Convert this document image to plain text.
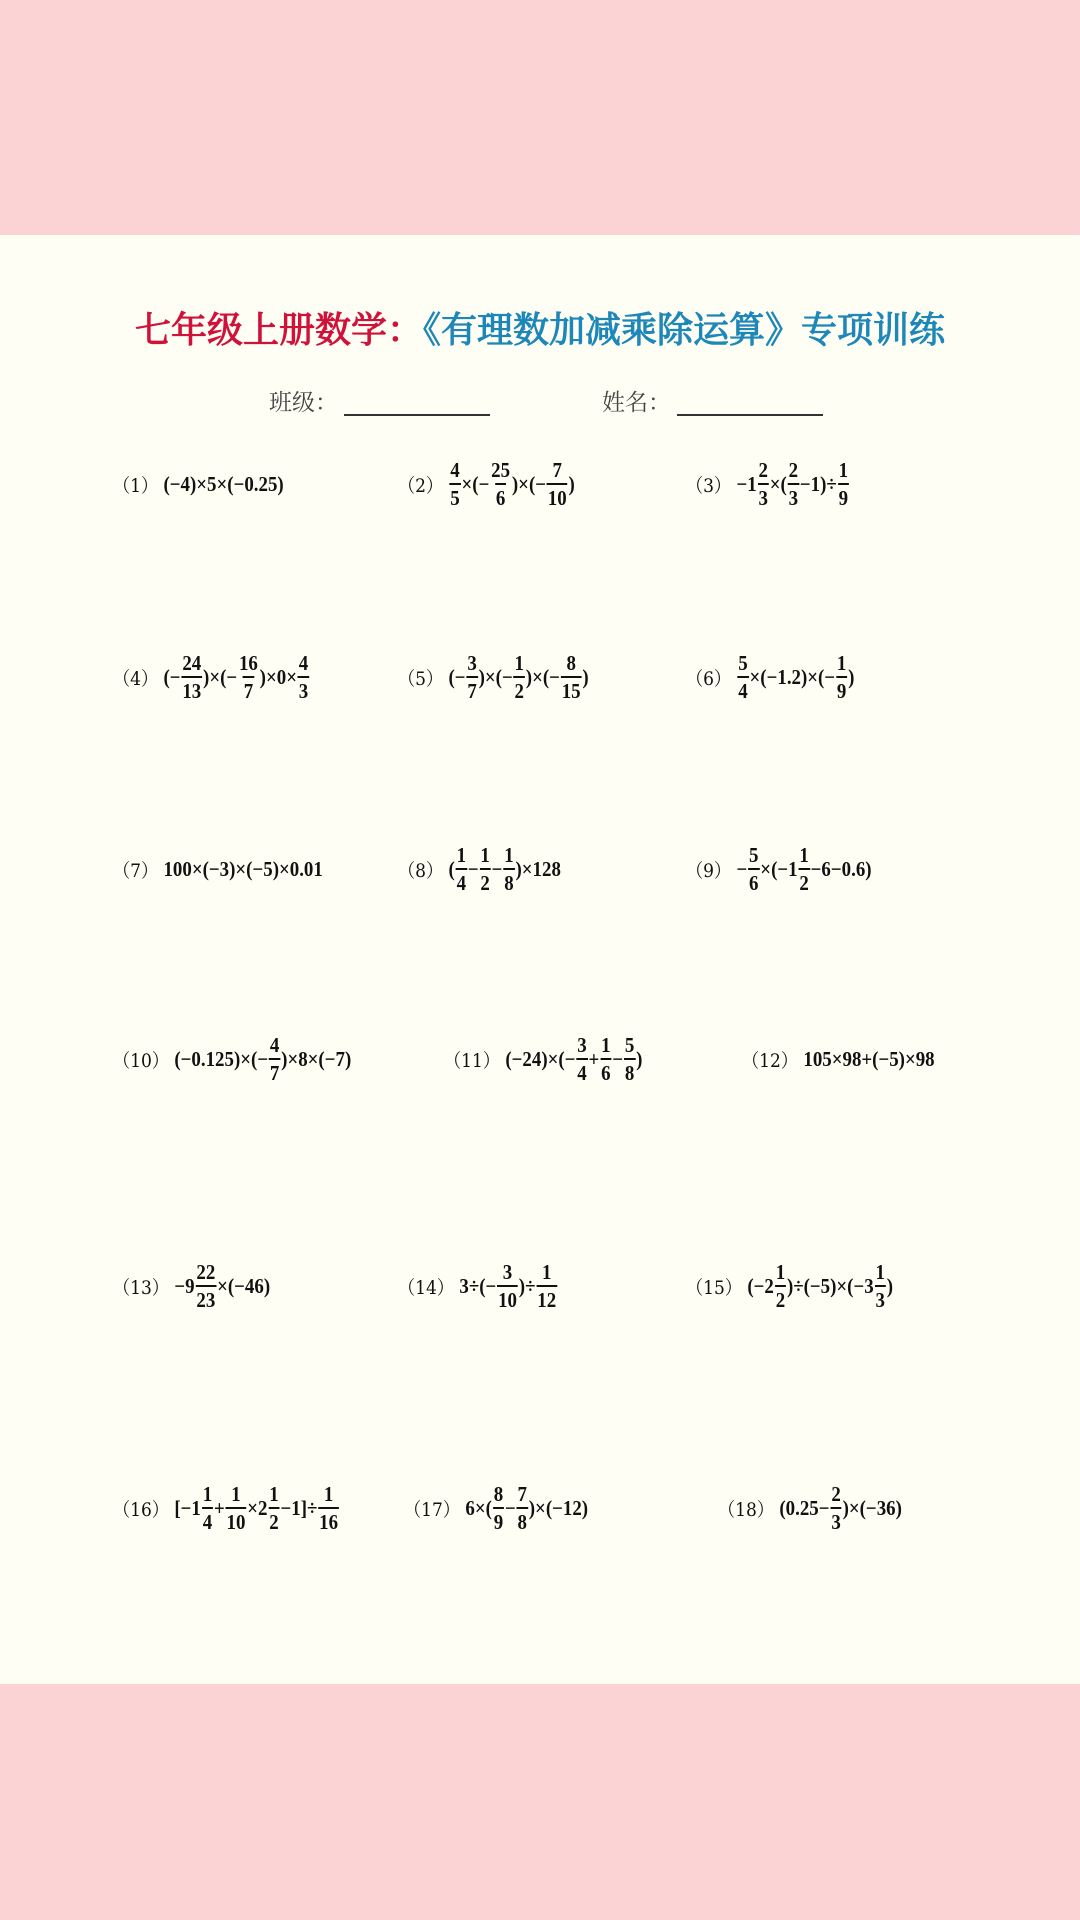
七年级上册数学：《有理数加减乘除运算》专项训练
班级：	姓名：
（1） (−4)×5×(−0.25)	$(2) \frac{4}{5}$ ×(− $\frac{25}{6}$ )×(− $\frac{7}{10}$ )	$(3) -1 \frac{2}{3}$ ×( $\frac{2}{3} -1)\div \frac{1}{9}$
（4） (− $\frac{24}{13}$ )×(− $\frac{16}{7} )\times 0\times \frac{4}{3}$	（5） (− $\frac{3}{7}$ )×(− $\frac{1}{2}$ )×(− $\frac{8}{15}$ )	$(6) \frac{5}{4} \times(-1.2)\times(- \frac{1}{9}$ )
（7） 100×(−3)×(−5)×0.01	（8） ( $\frac{1}{4} - \frac{1}{2} - \frac{1}{8} )\times 128$	$(9) - \frac{5}{6} \times(-1 \frac{1}{2} -6-0.6)$
（10） $(-0.125)\times(- \frac{4}{7} )\times 8\times(-7)$	（11） $(-24)\times(- \frac{3}{4} + \frac{1}{6} - \frac{5}{8}$ )	（12） 105×98+(−5)×98
$(13) -9 \frac{22}{23} \times(-46)$	（14） $3\div(- \frac{3}{10}$ )÷ $\frac{1}{12}$	（15） $(-2 \frac{1}{2} )\div(-5)\times(-3 \frac{1}{3}$ )
（16） $[-1 \frac{1}{4} + \frac{1}{10} \times 2 \frac{1}{2} -1]\div \frac{1}{16}$	（17） $6\times( \frac{8}{9} - \frac{7}{8} )\times(-12)$	（18） $(0.25- \frac{2}{3} )\times(-36)$
